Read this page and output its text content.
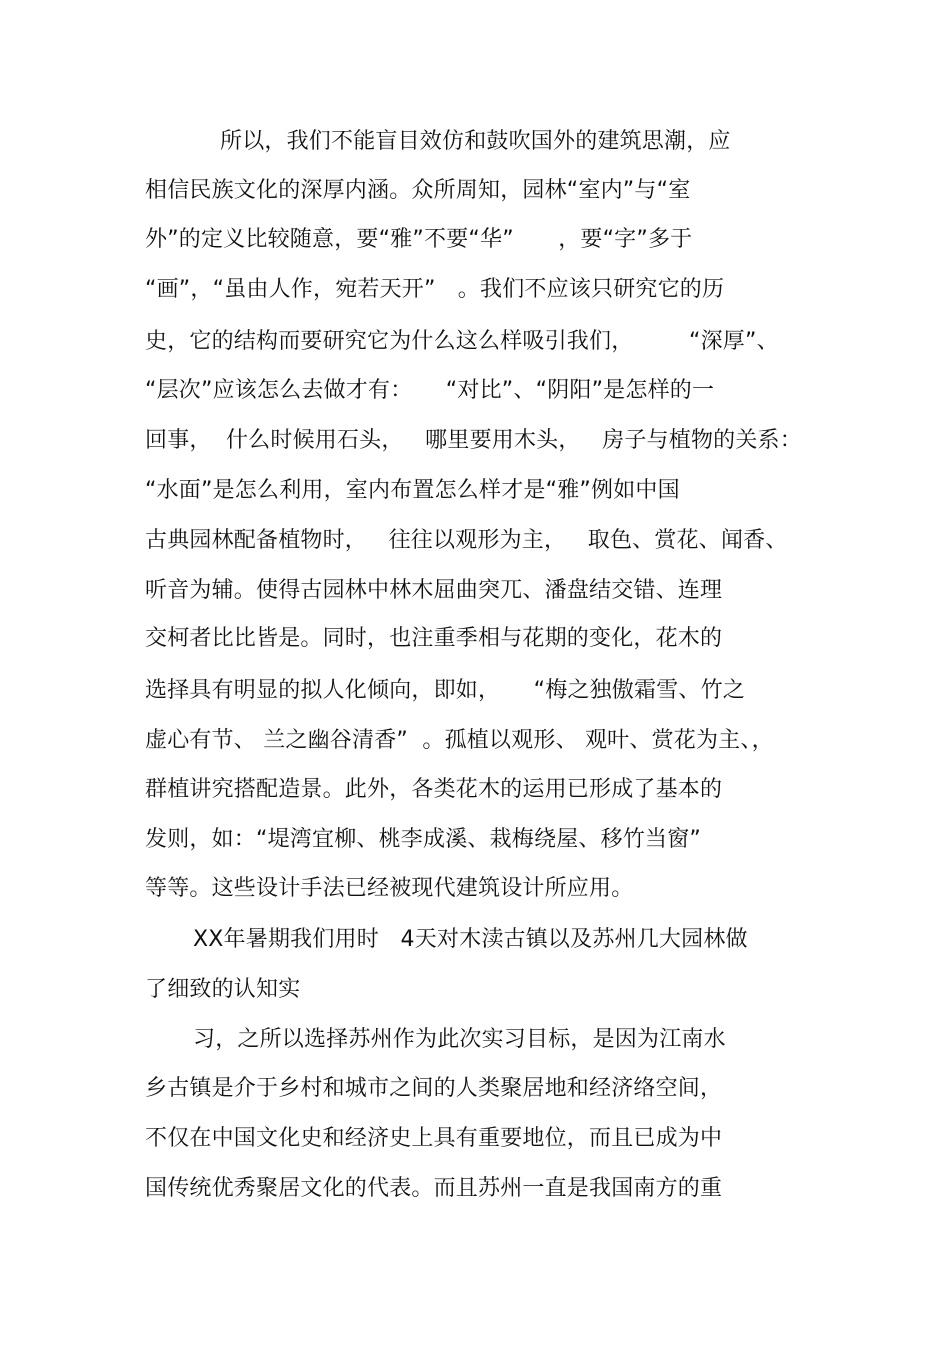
所以，我们不能盲目效仿和鼓吹国外的建筑思潮，应
相信民族文化的深厚内涵。众所周知，园林“室内”与“室
外”的定义比较随意，要“雅”不要“华”　　，要“字”多于
“画”，“虽由人作，宛若天开”　。我们不应该只研究它的历
史，它的结构而要研究它为什么这么样吸引我们，　　　“深厚”、
“层次”应该怎么去做才有：　　“对比”、“阴阳”是怎样的一
回事，  什么时候用石头，   哪里要用木头，   房子与植物的关系：
“水面”是怎么利用，室内布置怎么样才是“雅”例如中国
古典园林配备植物时，   往往以观形为主，   取色、赏花、闻香、
听音为辅。使得古园林中林木屈曲突兀、潘盘结交错、连理
交柯者比比皆是。同时，也注重季相与花期的变化，花木的
选择具有明显的拟人化倾向，即如，　　“梅之独傲霜雪、竹之
虚心有节、 兰之幽谷清香”  。孤植以观形、 观叶、赏花为主、，
群植讲究搭配造景。此外，各类花木的运用已形成了基本的
发则，如：“堤湾宜柳、桃李成溪、栽梅绕屋、移竹当窗”
等等。这些设计手法已经被现代建筑设计所应用。
XX年暑期我们用时   4天对木渎古镇以及苏州几大园林做
了细致的认知实
习，之所以选择苏州作为此次实习目标，是因为江南水
乡古镇是介于乡村和城市之间的人类聚居地和经济络空间，
不仅在中国文化史和经济史上具有重要地位，而且已成为中
国传统优秀聚居文化的代表。而且苏州一直是我国南方的重
